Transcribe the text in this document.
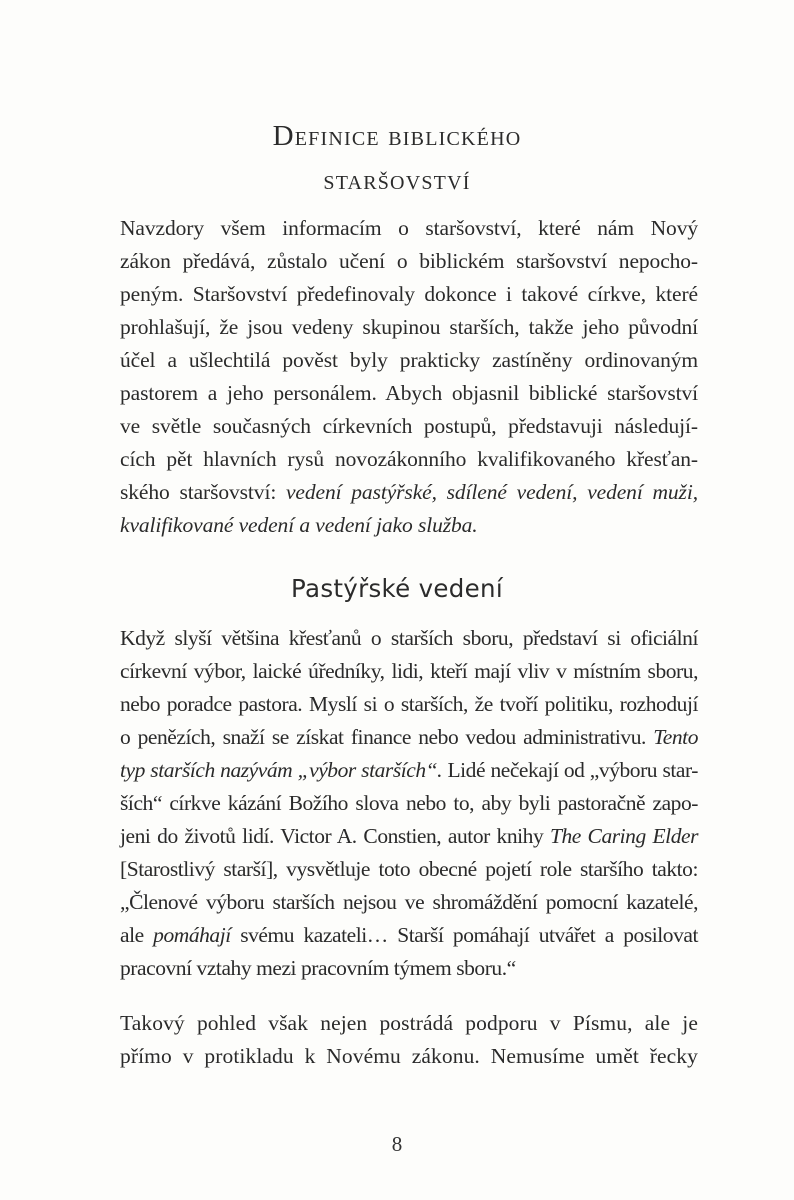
Definice biblického
staršovství

Navzdory všem informacím o staršovství, které nám Nový
zákon předává, zůstalo učení o biblickém staršovství nepocho-
peným. Staršovství předefinovaly dokonce i takové církve, které
prohlašují, že jsou vedeny skupinou starších, takže jeho původní
účel a ušlechtilá pověst byly prakticky zastíněny ordinovaným
pastorem a jeho personálem. Abych objasnil biblické staršovství
ve světle současných církevních postupů, představuji následují-
cích pět hlavních rysů novozákonního kvalifikovaného křesťan-
ského staršovství: vedení pastýřské, sdílené vedení, vedení muži,
kvalifikované vedení a vedení jako služba.

Pastýřské vedení

Když slyší většina křesťanů o starších sboru, představí si oficiální
církevní výbor, laické úředníky, lidi, kteří mají vliv v místním sboru,
nebo poradce pastora. Myslí si o starších, že tvoří politiku, rozhodují
o penězích, snaží se získat finance nebo vedou administrativu. Tento
typ starších nazývám „výbor starších“. Lidé nečekají od „výboru star-
ších“ církve kázání Božího slova nebo to, aby byli pastoračně zapo-
jeni do životů lidí. Victor A. Constien, autor knihy The Caring Elder
[Starostlivý starší], vysvětluje toto obecné pojetí role staršího takto:
„Členové výboru starších nejsou ve shromáždění pomocní kazatelé,
ale pomáhají svému kazateli… Starší pomáhají utvářet a posilovat
pracovní vztahy mezi pracovním týmem sboru.“

Takový pohled však nejen postrádá podporu v Písmu, ale je
přímo v protikladu k Novému zákonu. Nemusíme umět řecky

8
